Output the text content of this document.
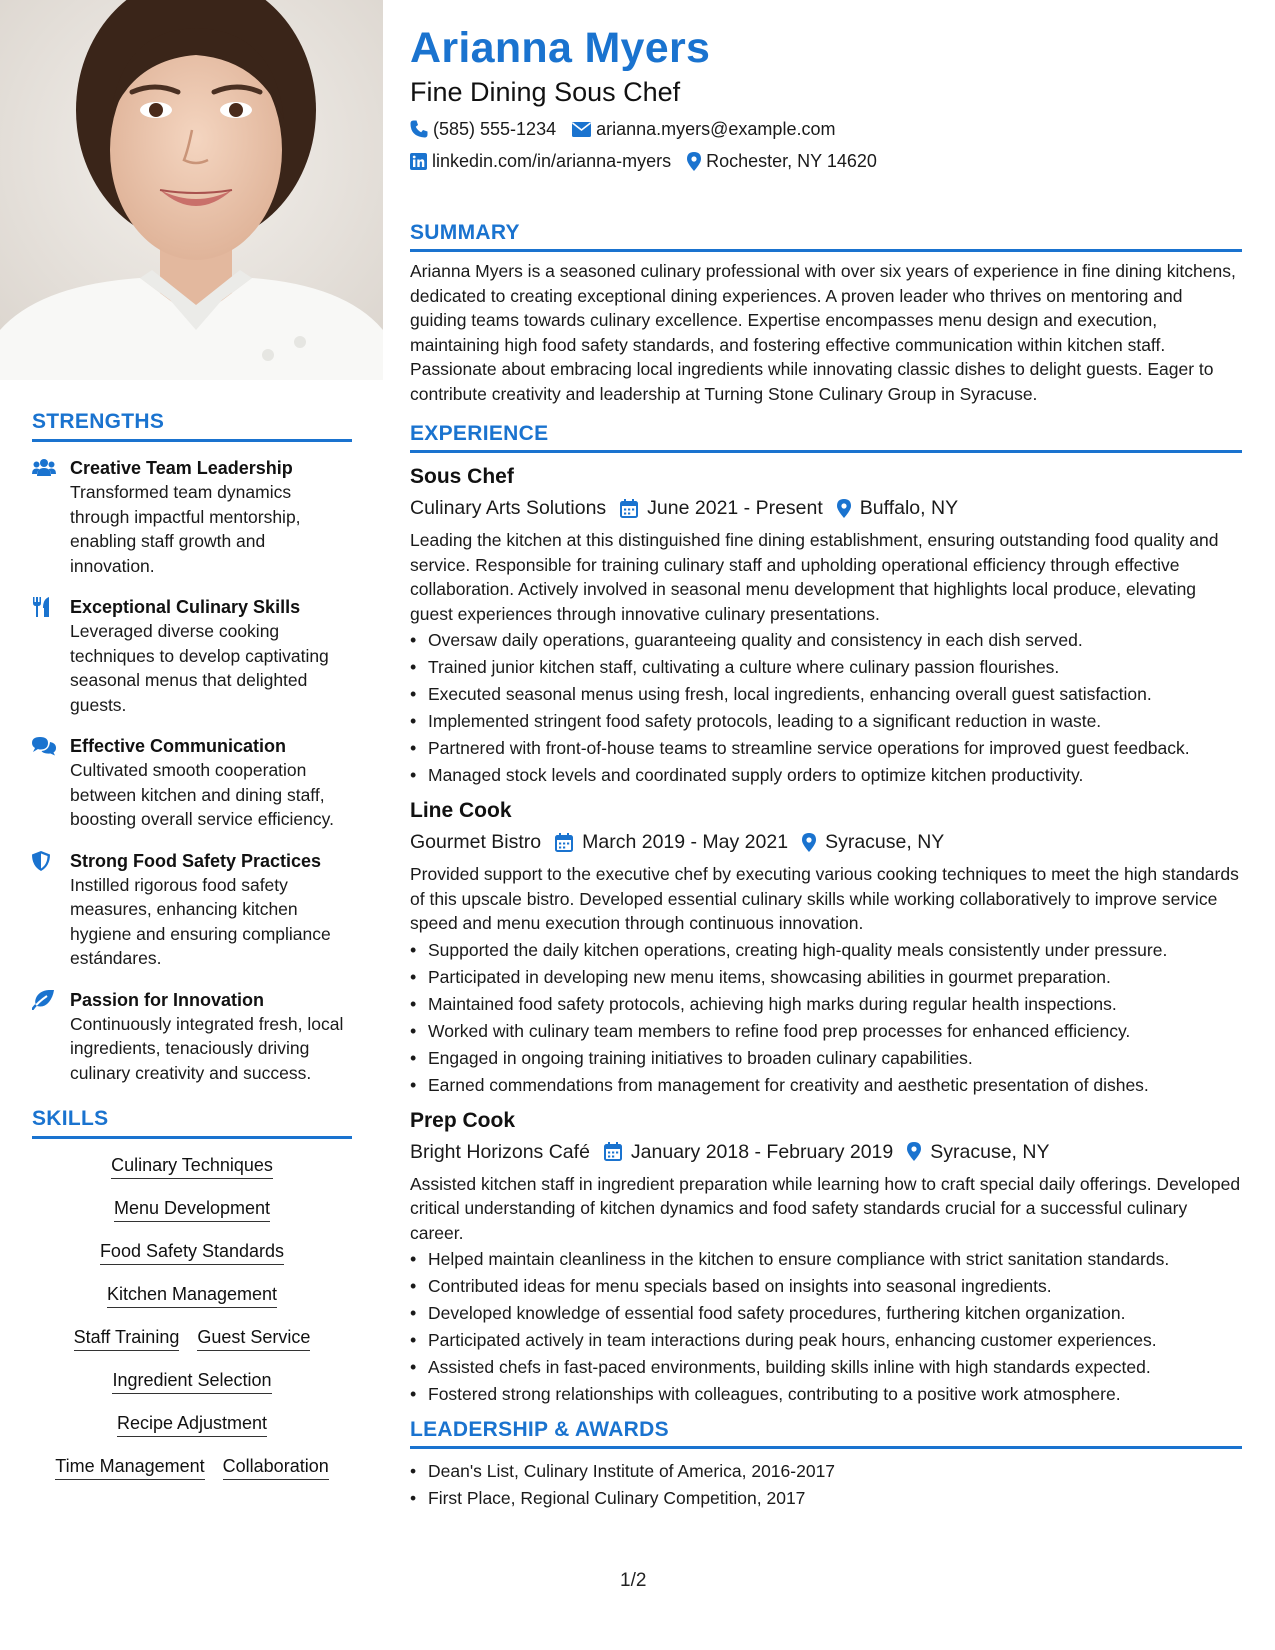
STRENGTHS
Creative Team Leadership
Transformed team dynamics through impactful mentorship, enabling staff growth and innovation.
Exceptional Culinary Skills
Leveraged diverse cooking techniques to develop captivating seasonal menus that delighted guests.
Effective Communication
Cultivated smooth cooperation between kitchen and dining staff, boosting overall service efficiency.
Strong Food Safety Practices
Instilled rigorous food safety measures, enhancing kitchen hygiene and ensuring compliance estándares.
Passion for Innovation
Continuously integrated fresh, local ingredients, tenaciously driving culinary creativity and success.
SKILLS
Culinary Techniques
Menu Development
Food Safety Standards
Kitchen Management
Staff Training Guest Service
Ingredient Selection
Recipe Adjustment
Time Management Collaboration
Arianna Myers
Fine Dining Sous Chef
(585) 555-1234 arianna.myers@example.com
linkedin.com/in/arianna-myers Rochester, NY 14620
SUMMARY
Arianna Myers is a seasoned culinary professional with over six years of experience in fine dining kitchens, dedicated to creating exceptional dining experiences. A proven leader who thrives on mentoring and guiding teams towards culinary excellence. Expertise encompasses menu design and execution, maintaining high food safety standards, and fostering effective communication within kitchen staff. Passionate about embracing local ingredients while innovating classic dishes to delight guests. Eager to contribute creativity and leadership at Turning Stone Culinary Group in Syracuse.
EXPERIENCE
Sous Chef
Culinary Arts Solutions June 2021 - Present Buffalo, NY
Leading the kitchen at this distinguished fine dining establishment, ensuring outstanding food quality and service. Responsible for training culinary staff and upholding operational efficiency through effective collaboration. Actively involved in seasonal menu development that highlights local produce, elevating guest experiences through innovative culinary presentations.
• Oversaw daily operations, guaranteeing quality and consistency in each dish served.
• Trained junior kitchen staff, cultivating a culture where culinary passion flourishes.
• Executed seasonal menus using fresh, local ingredients, enhancing overall guest satisfaction.
• Implemented stringent food safety protocols, leading to a significant reduction in waste.
• Partnered with front-of-house teams to streamline service operations for improved guest feedback.
• Managed stock levels and coordinated supply orders to optimize kitchen productivity.
Line Cook
Gourmet Bistro March 2019 - May 2021 Syracuse, NY
Provided support to the executive chef by executing various cooking techniques to meet the high standards of this upscale bistro. Developed essential culinary skills while working collaboratively to improve service speed and menu execution through continuous innovation.
• Supported the daily kitchen operations, creating high-quality meals consistently under pressure.
• Participated in developing new menu items, showcasing abilities in gourmet preparation.
• Maintained food safety protocols, achieving high marks during regular health inspections.
• Worked with culinary team members to refine food prep processes for enhanced efficiency.
• Engaged in ongoing training initiatives to broaden culinary capabilities.
• Earned commendations from management for creativity and aesthetic presentation of dishes.
Prep Cook
Bright Horizons Café January 2018 - February 2019 Syracuse, NY
Assisted kitchen staff in ingredient preparation while learning how to craft special daily offerings. Developed critical understanding of kitchen dynamics and food safety standards crucial for a successful culinary career.
• Helped maintain cleanliness in the kitchen to ensure compliance with strict sanitation standards.
• Contributed ideas for menu specials based on insights into seasonal ingredients.
• Developed knowledge of essential food safety procedures, furthering kitchen organization.
• Participated actively in team interactions during peak hours, enhancing customer experiences.
• Assisted chefs in fast-paced environments, building skills inline with high standards expected.
• Fostered strong relationships with colleagues, contributing to a positive work atmosphere.
LEADERSHIP & AWARDS
• Dean's List, Culinary Institute of America, 2016-2017
• First Place, Regional Culinary Competition, 2017
1/2
